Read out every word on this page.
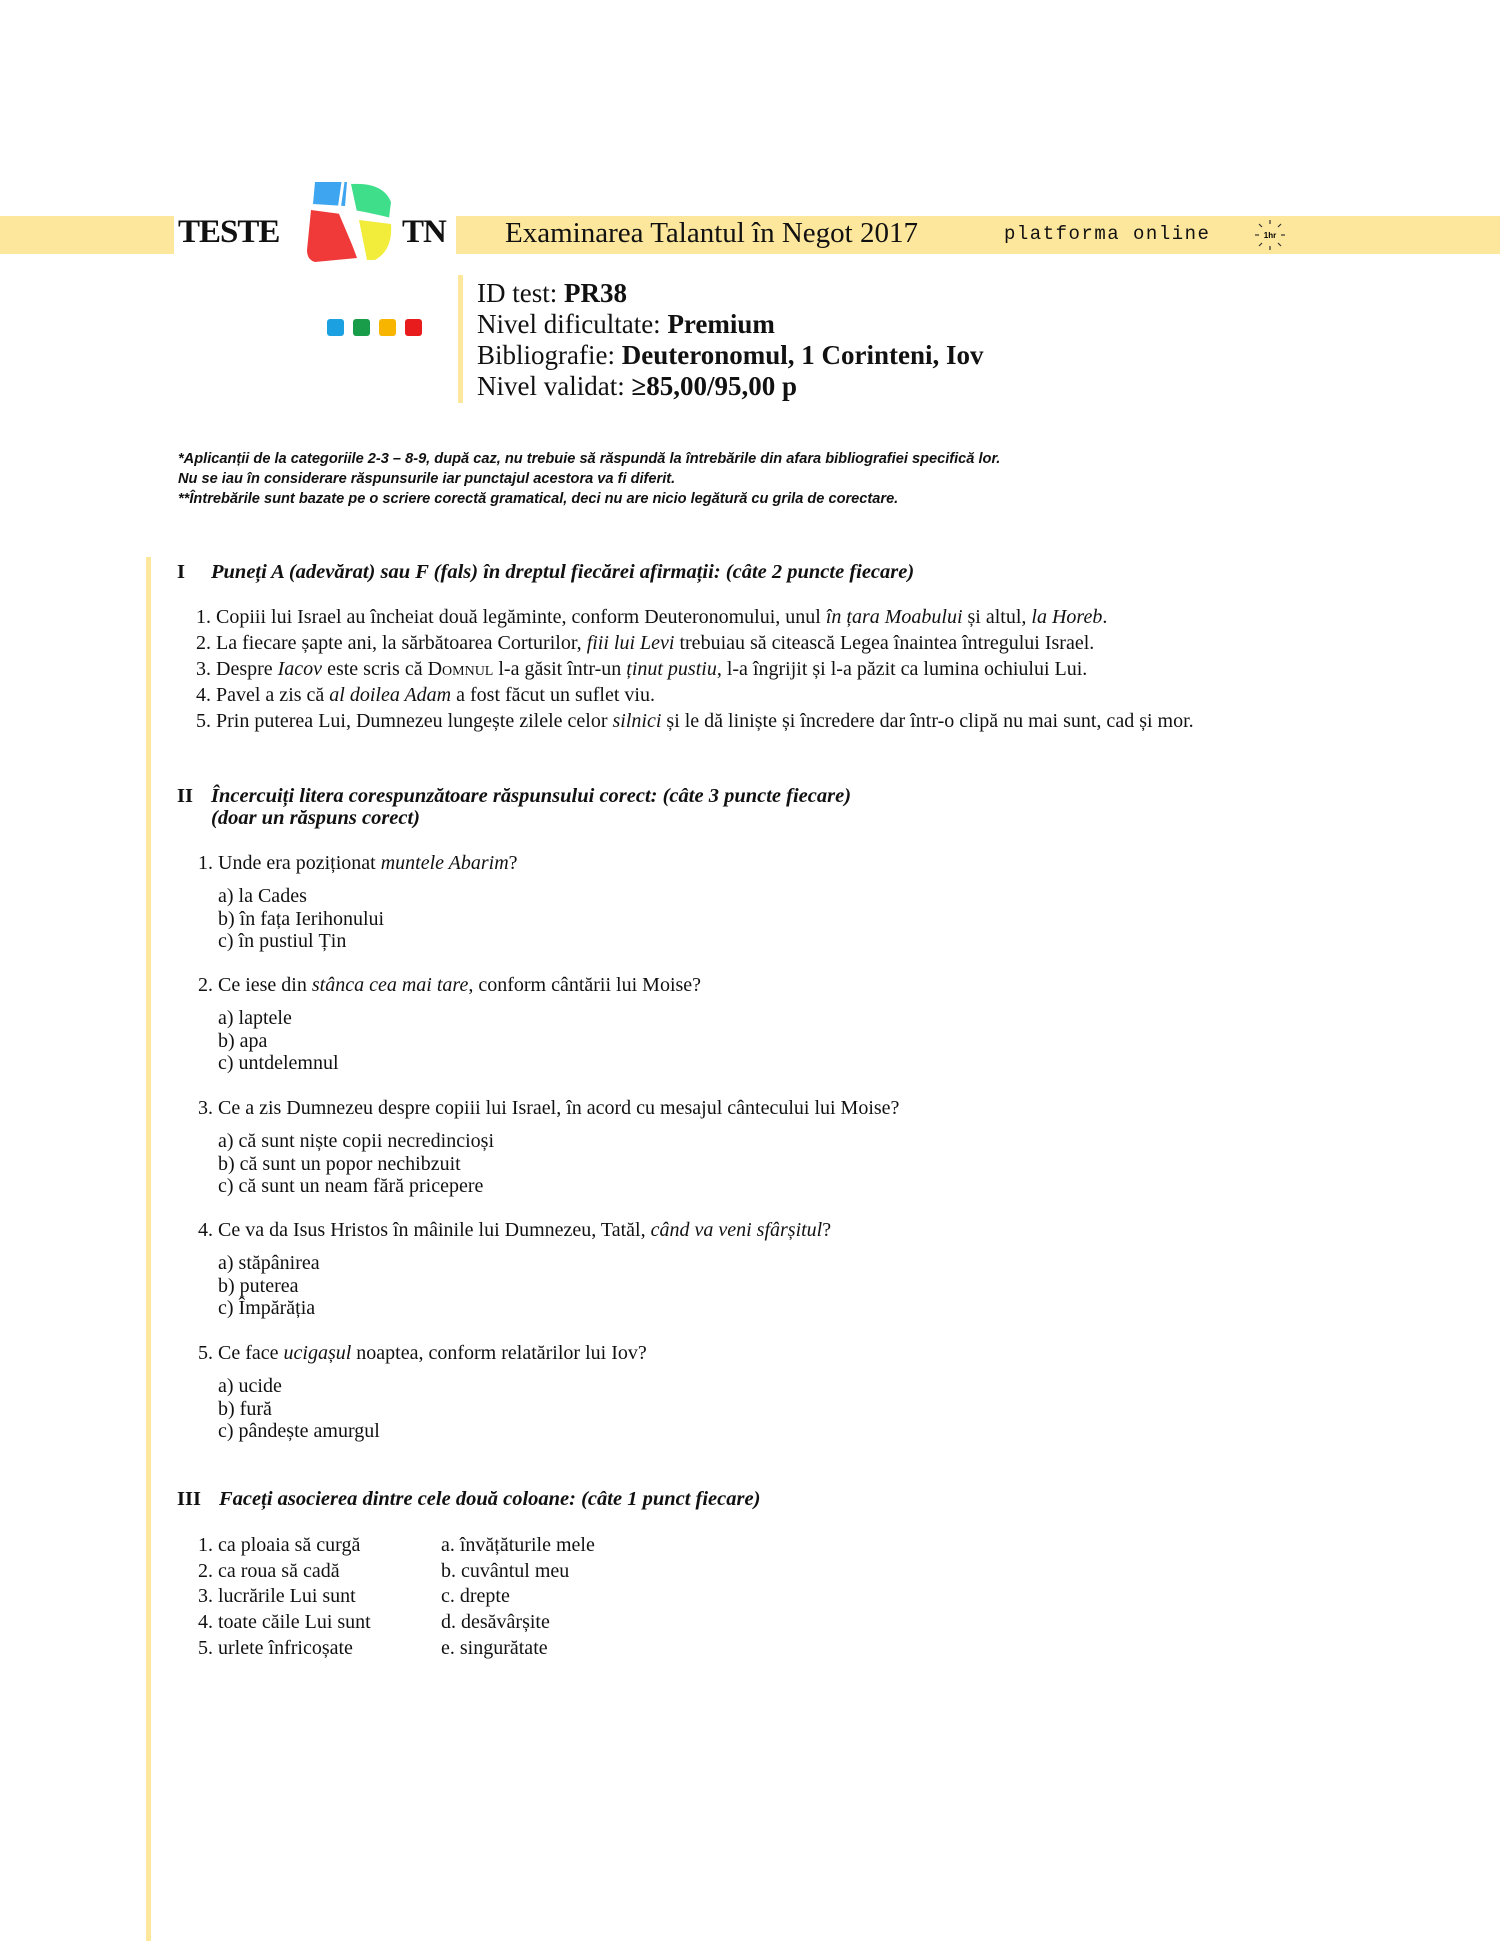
TESTE	TN Examinarea Talantul în Negot 2017	platforma online	1hr
ID test: PR38
Nivel dificultate: Premium
Bibliografie: Deuteronomul, 1 Corinteni, Iov
Nivel validat: ≥85,00/95,00 p
*Aplicanții de la categoriile 2-3 – 8-9, după caz, nu trebuie să răspundă la întrebările din afara bibliografiei specifică lor.
Nu se iau în considerare răspunsurile iar punctajul acestora va fi diferit.
**Întrebările sunt bazate pe o scriere corectă gramatical, deci nu are nicio legătură cu grila de corectare.
I Puneți A (adevărat) sau F (fals) în dreptul fiecărei afirmații: (câte 2 puncte fiecare)
II Încercuiți litera corespunzătoare răspunsului corect: (câte 3 puncte fiecare)
(doar un răspuns corect)
III Faceți asocierea dintre cele două coloane: (câte 1 punct fiecare)
1. Copiii lui Israel au încheiat două legăminte, conform Deuteronomului, unul în țara Moabului și altul, la Horeb.
2. La fiecare șapte ani, la sărbătoarea Corturilor, fiii lui Levi trebuiau să citească Legea înaintea întregului Israel.
3. Despre Iacov este scris că Domnul l-a găsit într-un ținut pustiu, l-a îngrijit și l-a păzit ca lumina ochiului Lui.
4. Pavel a zis că al doilea Adam a fost făcut un suflet viu.
5. Prin puterea Lui, Dumnezeu lungește zilele celor silnici și le dă liniște și încredere dar într-o clipă nu mai sunt, cad și mor.
1. Unde era poziționat muntele Abarim?
a) la Cades
b) în fața Ierihonului
c) în pustiul Țin
2. Ce iese din stânca cea mai tare, conform cântării lui Moise?
a) laptele
b) apa
c) untdelemnul
3. Ce a zis Dumnezeu despre copiii lui Israel, în acord cu mesajul cântecului lui Moise?
a) că sunt niște copii necredincioși
b) că sunt un popor nechibzuit
c) că sunt un neam fără pricepere
4. Ce va da Isus Hristos în mâinile lui Dumnezeu, Tatăl, când va veni sfârșitul?
a) stăpânirea
b) puterea
c) Împărăția
5. Ce face ucigașul noaptea, conform relatărilor lui Iov?
a) ucide
b) fură
c) pândește amurgul
1. ca ploaia să curgă	a. învățăturile mele
2. ca roua să cadă	b. cuvântul meu
3. lucrările Lui sunt	c. drepte
4. toate căile Lui sunt	d. desăvârșite
5. urlete înfricoșate	e. singurătate
